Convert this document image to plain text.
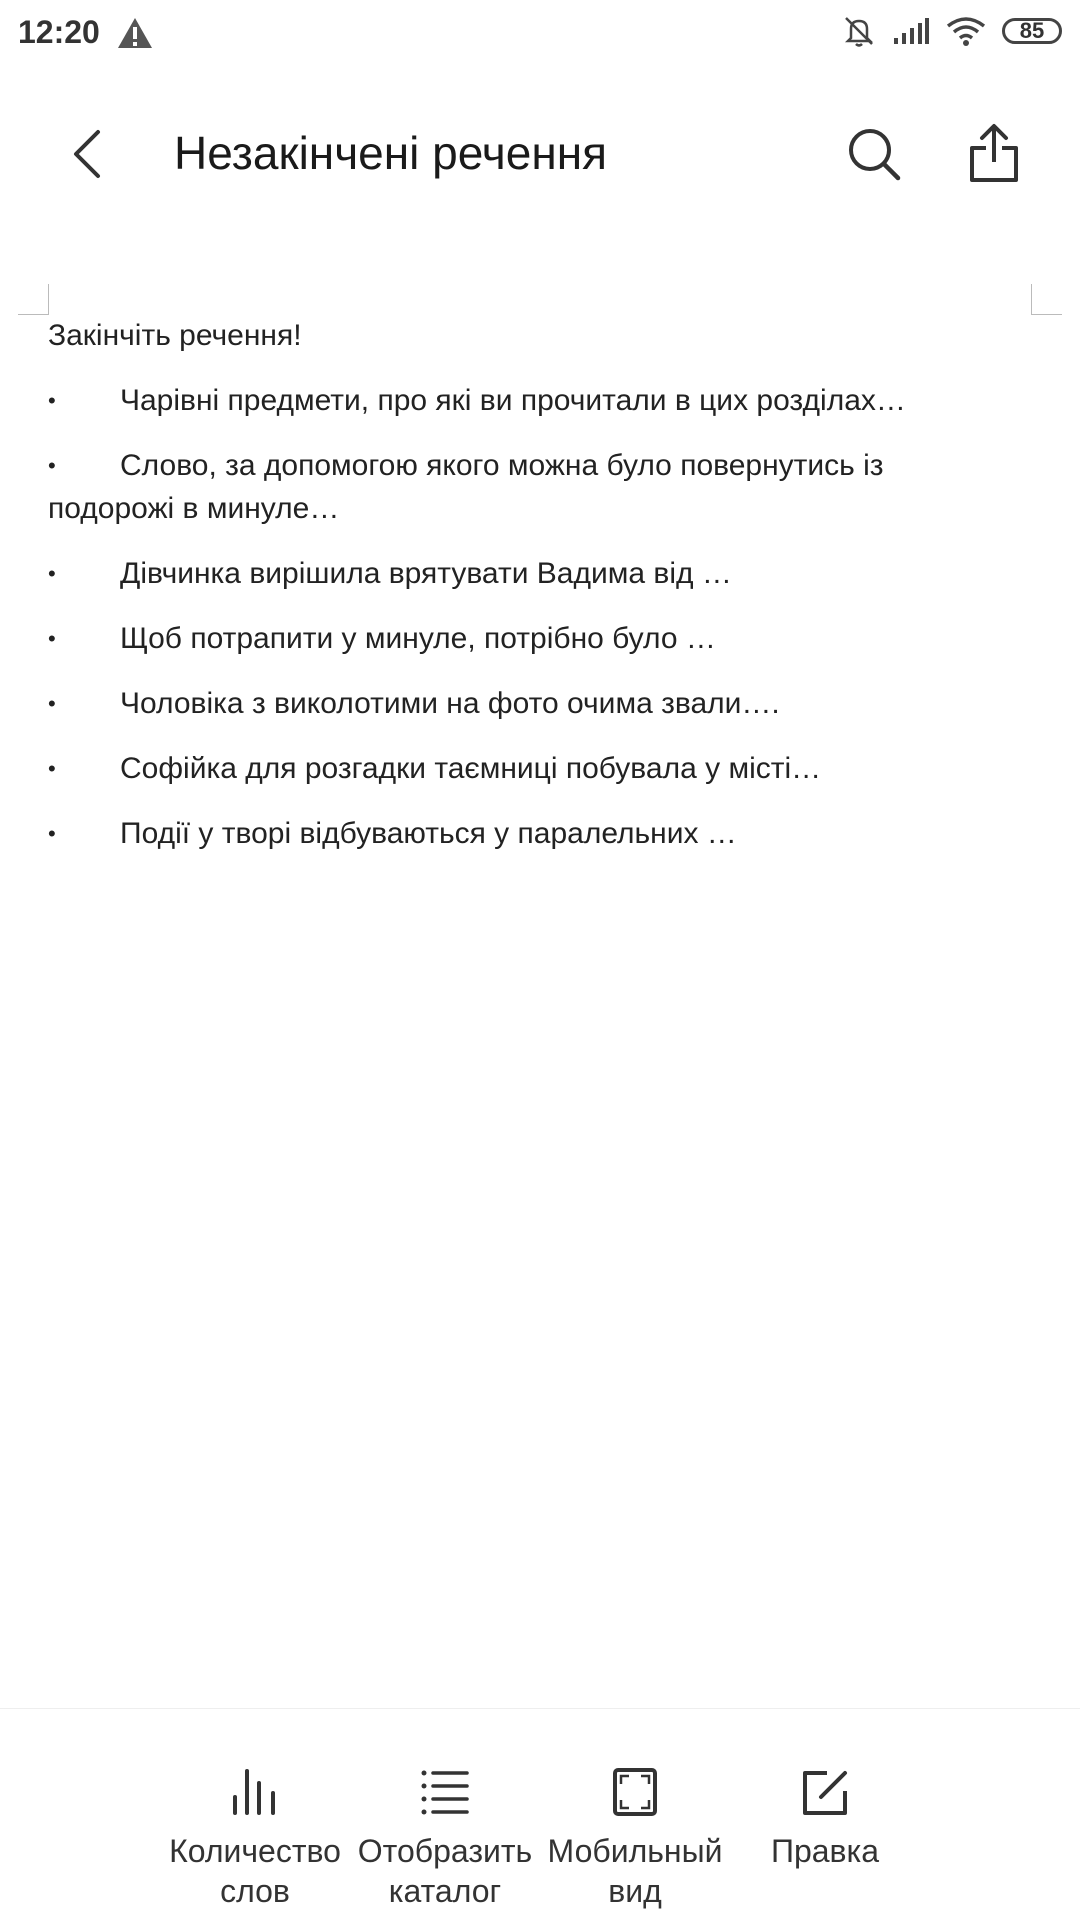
12:20	85
Незакінчені речення
Закінчіть речення!
• Чарівні предмети, про які ви прочитали в цих розділах…
• Слово, за допомогою якого можна було повернутись із подорожі в минуле…
• Дівчинка вирішила врятувати Вадима від …
• Щоб потрапити у минуле, потрібно було …
• Чоловіка з виколотими на фото очима звали….
• Софійка для розгадки таємниці побувала у місті…
• Події у творі відбуваються у паралельних …
Количество
слов
Отобразить
каталог
Мобильный
вид
Правка
